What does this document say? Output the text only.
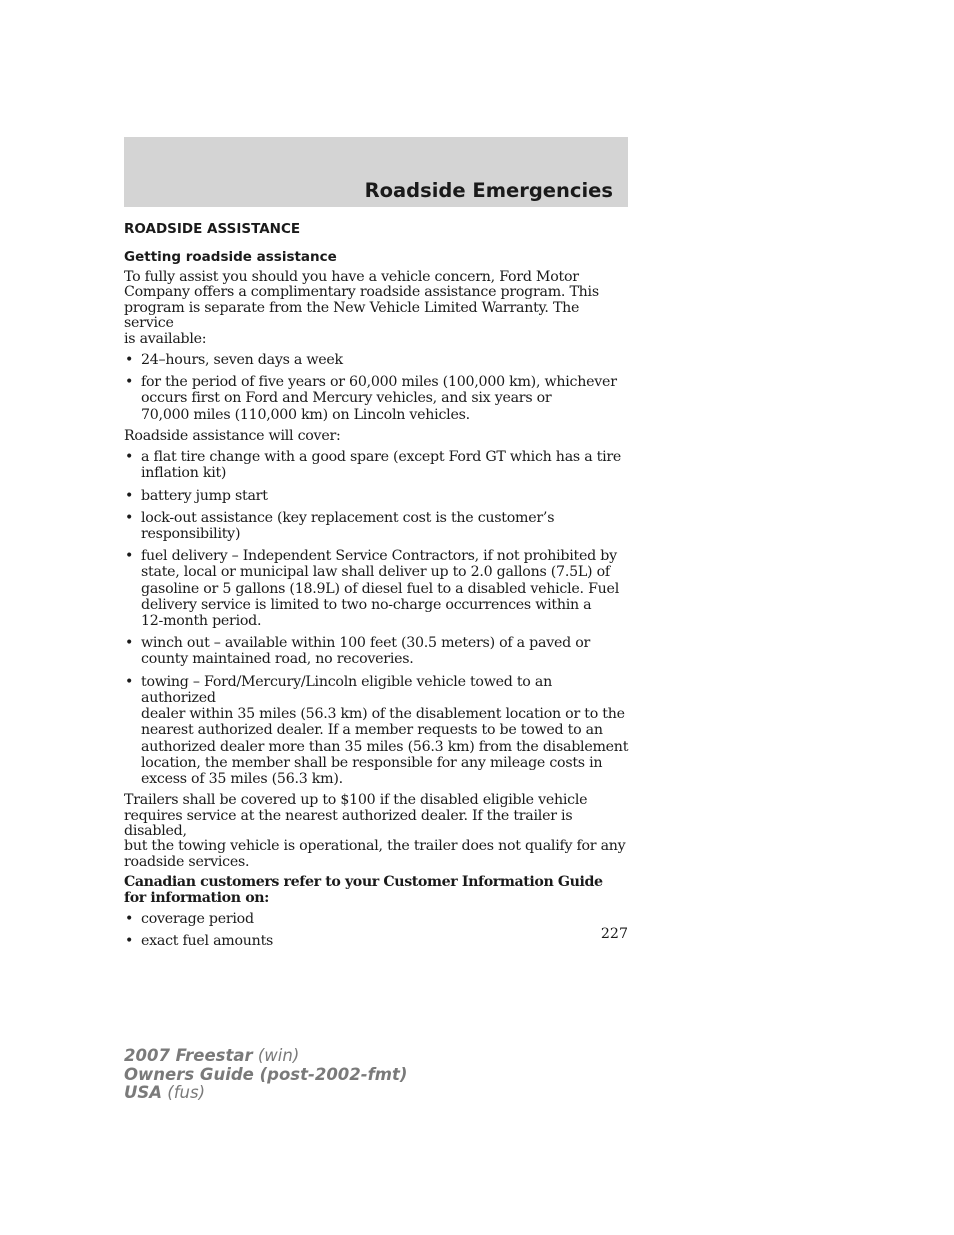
Roadside Emergencies
ROADSIDE ASSISTANCE
Getting roadside assistance

To fully assist you should you have a vehicle concern, Ford Motor
Company offers a complimentary roadside assistance program. This
program is separate from the New Vehicle Limited Warranty. The service
is available:

• 24–hours, seven days a week
• for the period of five years or 60,000 miles (100,000 km), whichever
occurs first on Ford and Mercury vehicles, and six years or
70,000 miles (110,000 km) on Lincoln vehicles.

Roadside assistance will cover:

• a flat tire change with a good spare (except Ford GT which has a tire
inflation kit)
• battery jump start
• lock-out assistance (key replacement cost is the customer’s
responsibility)
• fuel delivery – Independent Service Contractors, if not prohibited by
state, local or municipal law shall deliver up to 2.0 gallons (7.5L) of
gasoline or 5 gallons (18.9L) of diesel fuel to a disabled vehicle. Fuel
delivery service is limited to two no-charge occurrences within a
12-month period.
• winch out – available within 100 feet (30.5 meters) of a paved or
county maintained road, no recoveries.
• towing – Ford/Mercury/Lincoln eligible vehicle towed to an authorized
dealer within 35 miles (56.3 km) of the disablement location or to the
nearest authorized dealer. If a member requests to be towed to an
authorized dealer more than 35 miles (56.3 km) from the disablement
location, the member shall be responsible for any mileage costs in
excess of 35 miles (56.3 km).

Trailers shall be covered up to $100 if the disabled eligible vehicle
requires service at the nearest authorized dealer. If the trailer is disabled,
but the towing vehicle is operational, the trailer does not qualify for any
roadside services.

Canadian customers refer to your Customer Information Guide
for information on:

• coverage period
• exact fuel amounts	227
2007 Freestar (win)
Owners Guide (post-2002-fmt)
USA (fus)
